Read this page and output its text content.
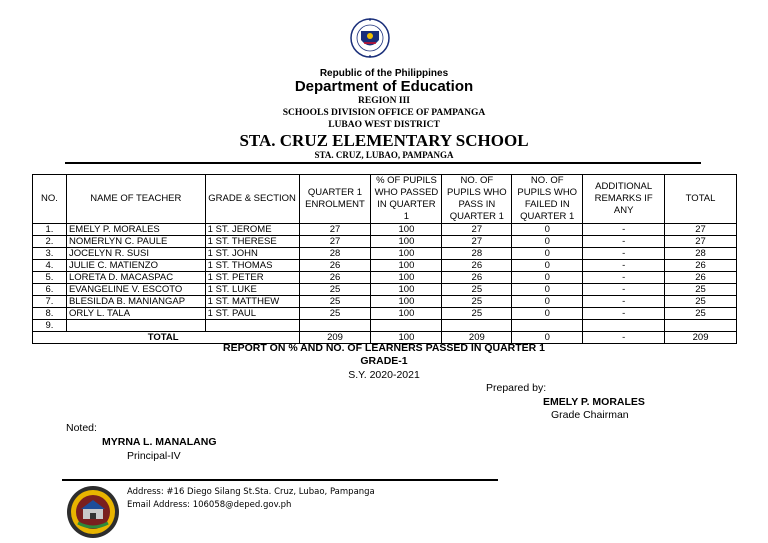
Republic of the Philippines
Department of Education
REGION III
SCHOOLS DIVISION OFFICE OF PAMPANGA
LUBAO WEST DISTRICT
STA. CRUZ ELEMENTARY SCHOOL
STA. CRUZ, LUBAO, PAMPANGA
NO.	NAME OF TEACHER	GRADE & SECTION	QUARTER 1 ENROLMENT	% OF PUPILS WHO PASSED IN QUARTER 1	NO. OF PUPILS WHO PASS IN QUARTER 1	NO. OF PUPILS WHO FAILED IN QUARTER 1	ADDITIONAL REMARKS IF ANY	TOTAL
1.	EMELY P. MORALES	1 ST. JEROME	27	100	27	0	-	27
2.	NOMERLYN C. PAULE	1 ST. THERESE	27	100	27	0	-	27
3.	JOCELYN R. SUSI	1 ST. JOHN	28	100	28	0	-	28
4.	JULIE C. MATIENZO	1 ST. THOMAS	26	100	26	0	-	26
5.	LORETA D. MACASPAC	1 ST. PETER	26	100	26	0	-	26
6.	EVANGELINE V. ESCOTO	1 ST. LUKE	25	100	25	0	-	25
7.	BLESILDA B. MANIANGAP	1 ST. MATTHEW	25	100	25	0	-	25
8.	ORLY L. TALA	1 ST. PAUL	25	100	25	0	-	25
9.								
TOTAL			209	100	209	0	-	209
REPORT ON % AND NO. OF LEARNERS PASSED IN QUARTER 1
GRADE-1
S.Y. 2020-2021
Prepared by:
EMELY P. MORALES
Grade Chairman
Noted:
MYRNA L. MANALANG
Principal-IV
Address: #16 Diego Silang St.Sta. Cruz, Lubao, Pampanga
Email Address: 106058@deped.gov.ph
